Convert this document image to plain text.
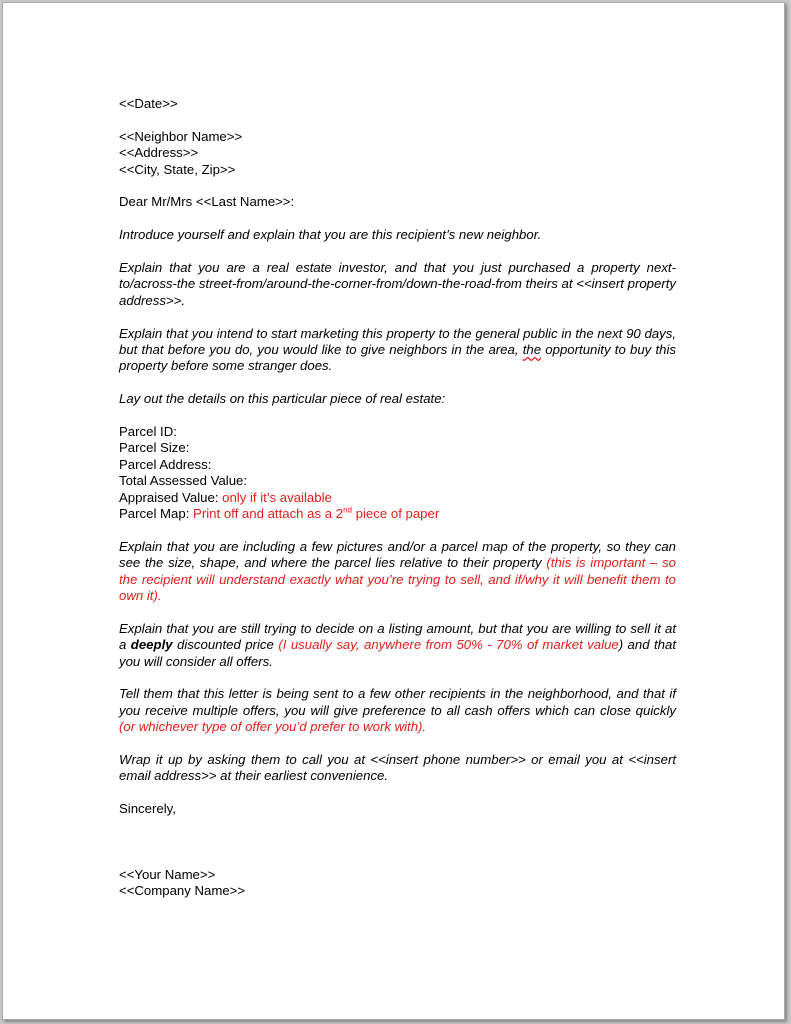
<<Date>>

<<Neighbor Name>>

<<Address>>

<<City, State, Zip>>

Dear Mr/Mrs <<Last Name>>:

Introduce yourself and explain that you are this recipient’s new neighbor.

Explain that you are a real estate investor, and that you just purchased a property next-to/across-the street-from/around-the-corner-from/down-the-road-from theirs at <<insert property address>>.

Explain that you intend to start marketing this property to the general public in the next 90 days, but that before you do, you would like to give neighbors in the area, the opportunity to buy this property before some stranger does.

Lay out the details on this particular piece of real estate:

Parcel ID:

Parcel Size:

Parcel Address:

Total Assessed Value:

Appraised Value: only if it’s available

Parcel Map: Print off and attach as a 2nd piece of paper

Explain that you are including a few pictures and/or a parcel map of the property, so they can see the size, shape, and where the parcel lies relative to their property (this is important – so the recipient will understand exactly what you’re trying to sell, and if/why it will benefit them to own it).

Explain that you are still trying to decide on a listing amount, but that you are willing to sell it at a deeply discounted price (I usually say, anywhere from 50% - 70% of market value) and that you will consider all offers.

Tell them that this letter is being sent to a few other recipients in the neighborhood, and that if you receive multiple offers, you will give preference to all cash offers which can close quickly (or whichever type of offer you’d prefer to work with).

Wrap it up by asking them to call you at <<insert phone number>> or email you at <<insert email address>> at their earliest convenience.

Sincerely,

<<Your Name>>

<<Company Name>>
